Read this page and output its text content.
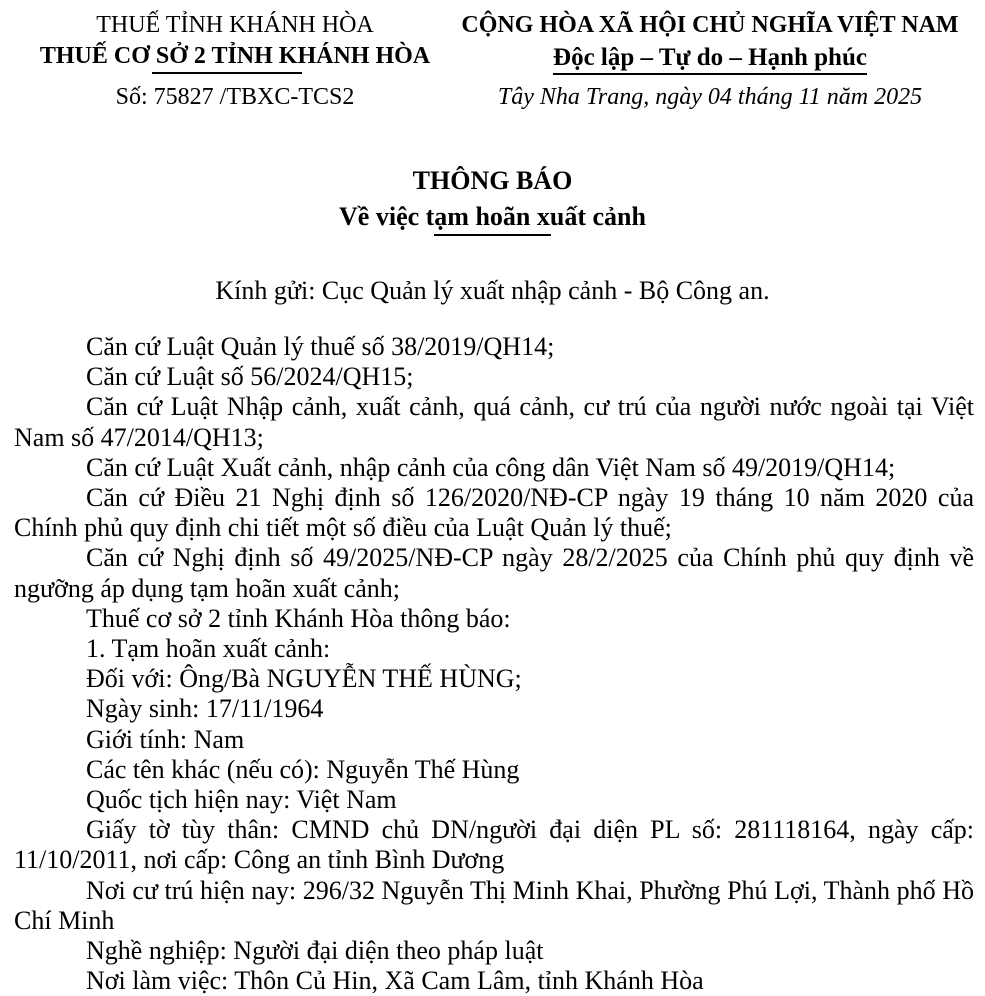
THUẾ TỈNH KHÁNH HÒA
THUẾ CƠ SỞ 2 TỈNH KHÁNH HÒA
Số: 75827 /TBXC-TCS2
CỘNG HÒA XÃ HỘI CHỦ NGHĨA VIỆT NAM
Độc lập – Tự do – Hạnh phúc
Tây Nha Trang, ngày 04 tháng 11 năm 2025
THÔNG BÁO
Về việc tạm hoãn xuất cảnh
Kính gửi: Cục Quản lý xuất nhập cảnh - Bộ Công an.

Căn cứ Luật Quản lý thuế số 38/2019/QH14;

Căn cứ Luật số 56/2024/QH15;

Căn cứ Luật Nhập cảnh, xuất cảnh, quá cảnh, cư trú của người nước ngoài tại Việt Nam số 47/2014/QH13;

Căn cứ Luật Xuất cảnh, nhập cảnh của công dân Việt Nam số 49/2019/QH14;

Căn cứ Điều 21 Nghị định số 126/2020/NĐ-CP ngày 19 tháng 10 năm 2020 của Chính phủ quy định chi tiết một số điều của Luật Quản lý thuế;

Căn cứ Nghị định số 49/2025/NĐ-CP ngày 28/2/2025 của Chính phủ quy định về ngưỡng áp dụng tạm hoãn xuất cảnh;

Thuế cơ sở 2 tỉnh Khánh Hòa thông báo:

1. Tạm hoãn xuất cảnh:

Đối với: Ông/Bà NGUYỄN THẾ HÙNG;

Ngày sinh: 17/11/1964

Giới tính: Nam

Các tên khác (nếu có): Nguyễn Thế Hùng

Quốc tịch hiện nay: Việt Nam

Giấy tờ tùy thân: CMND chủ DN/người đại diện PL số: 281118164, ngày cấp: 11/10/2011, nơi cấp: Công an tỉnh Bình Dương

Nơi cư trú hiện nay: 296/32 Nguyễn Thị Minh Khai, Phường Phú Lợi, Thành phố Hồ Chí Minh

Nghề nghiệp: Người đại diện theo pháp luật

Nơi làm việc: Thôn Củ Hin, Xã Cam Lâm, tỉnh Khánh Hòa
